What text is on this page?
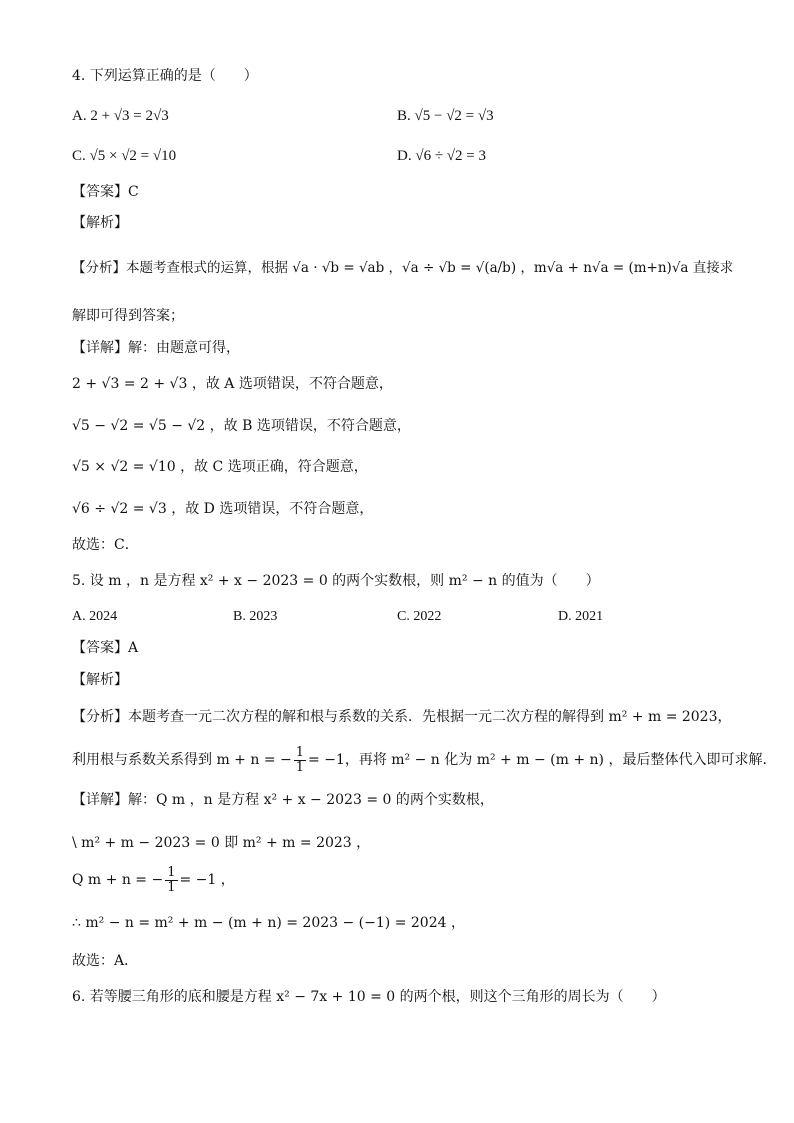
4. 下列运算正确的是（　　）
A. 2 + √3 = 2√3	B. √5 − √2 = √3
C. √5 × √2 = √10	D. √6 ÷ √2 = 3
【答案】C
【解析】
【分析】本题考查根式的运算，根据 √a · √b = √ab ，√a ÷ √b = √(a/b) ，m√a + n√a = (m+n)√a 直接求
解即可得到答案；
【详解】解：由题意可得，
2 + √3 = 2 + √3 ，故 A 选项错误，不符合题意，
√5 − √2 = √5 − √2 ，故 B 选项错误，不符合题意，
√5 × √2 = √10 ，故 C 选项正确，符合题意，
√6 ÷ √2 = √3 ，故 D 选项错误，不符合题意，
故选：C．
5. 设 m ，n 是方程 x² + x − 2023 = 0 的两个实数根，则 m² − n 的值为（　　）
A. 2024	B. 2023	C. 2022	D. 2021
【答案】A
【解析】
【分析】本题考查一元二次方程的解和根与系数的关系．先根据一元二次方程的解得到 m² + m = 2023，
利用根与系数关系得到 m + n = − $\frac{1}{1} = -1$，再将 m² − n 化为 m² + m − (m + n) ，最后整体代入即可求解．
【详解】解：Q m ，n 是方程 x² + x − 2023 = 0 的两个实数根，
\ m² + m − 2023 = 0 即 m² + m = 2023 ，
Q m + n = − $\frac{1}{1} = -1$ ，
∴ m² − n = m² + m − (m + n) = 2023 − (−1) = 2024 ，
故选：A．
6. 若等腰三角形的底和腰是方程 x² − 7x + 10 = 0 的两个根，则这个三角形的周长为（　　）
